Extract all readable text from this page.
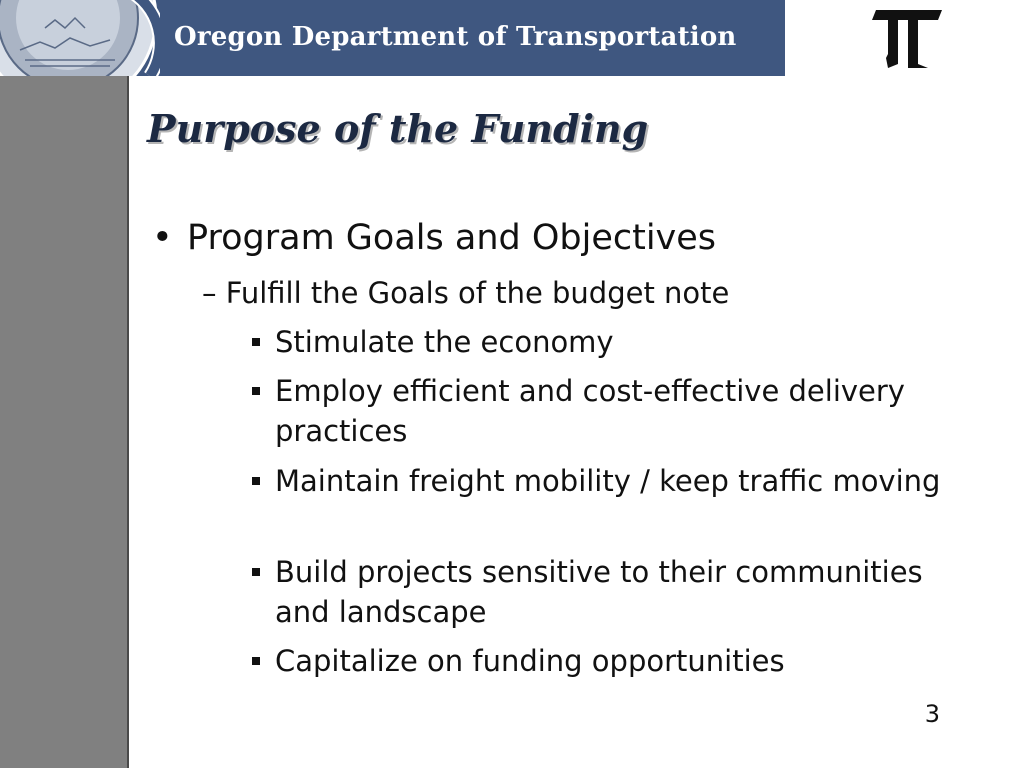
Oregon Department of Transportation
Purpose of the Funding
• Program Goals and Objectives
– Fulfill the Goals of the budget note
Stimulate the economy
Employ efficient and cost-effective delivery practices
Maintain freight mobility / keep traffic moving
Build projects sensitive to their communities and landscape
Capitalize on funding opportunities
3
